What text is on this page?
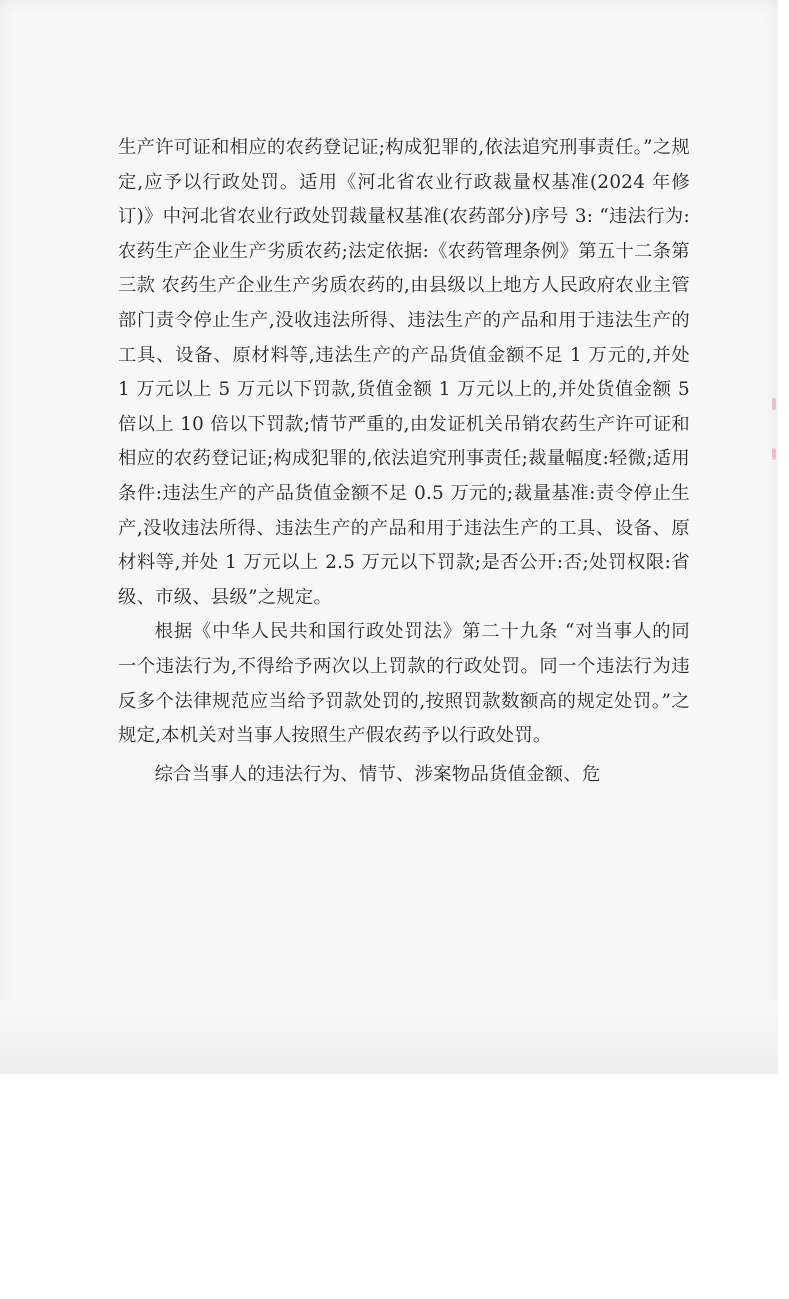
生产许可证和相应的农药登记证;构成犯罪的,依法追究刑事责任。”之规定,应予以行政处罚。适用《河北省农业行政裁量权基准(2024 年修订)》中河北省农业行政处罚裁量权基准(农药部分)序号 3: “违法行为:农药生产企业生产劣质农药;法定依据:《农药管理条例》第五十二条第三款 农药生产企业生产劣质农药的,由县级以上地方人民政府农业主管部门责令停止生产,没收违法所得、违法生产的产品和用于违法生产的工具、设备、原材料等,违法生产的产品货值金额不足 1 万元的,并处 1 万元以上 5 万元以下罚款,货值金额 1 万元以上的,并处货值金额 5 倍以上 10 倍以下罚款;情节严重的,由发证机关吊销农药生产许可证和相应的农药登记证;构成犯罪的,依法追究刑事责任;裁量幅度:轻微;适用条件:违法生产的产品货值金额不足 0.5 万元的;裁量基准:责令停止生产,没收违法所得、违法生产的产品和用于违法生产的工具、设备、原材料等,并处 1 万元以上 2.5 万元以下罚款;是否公开:否;处罚权限:省级、市级、县级”之规定。

根据《中华人民共和国行政处罚法》第二十九条 “对当事人的同一个违法行为,不得给予两次以上罚款的行政处罚。同一个违法行为违反多个法律规范应当给予罚款处罚的,按照罚款数额高的规定处罚。”之规定,本机关对当事人按照生产假农药予以行政处罚。

综合当事人的违法行为、情节、涉案物品货值金额、危
